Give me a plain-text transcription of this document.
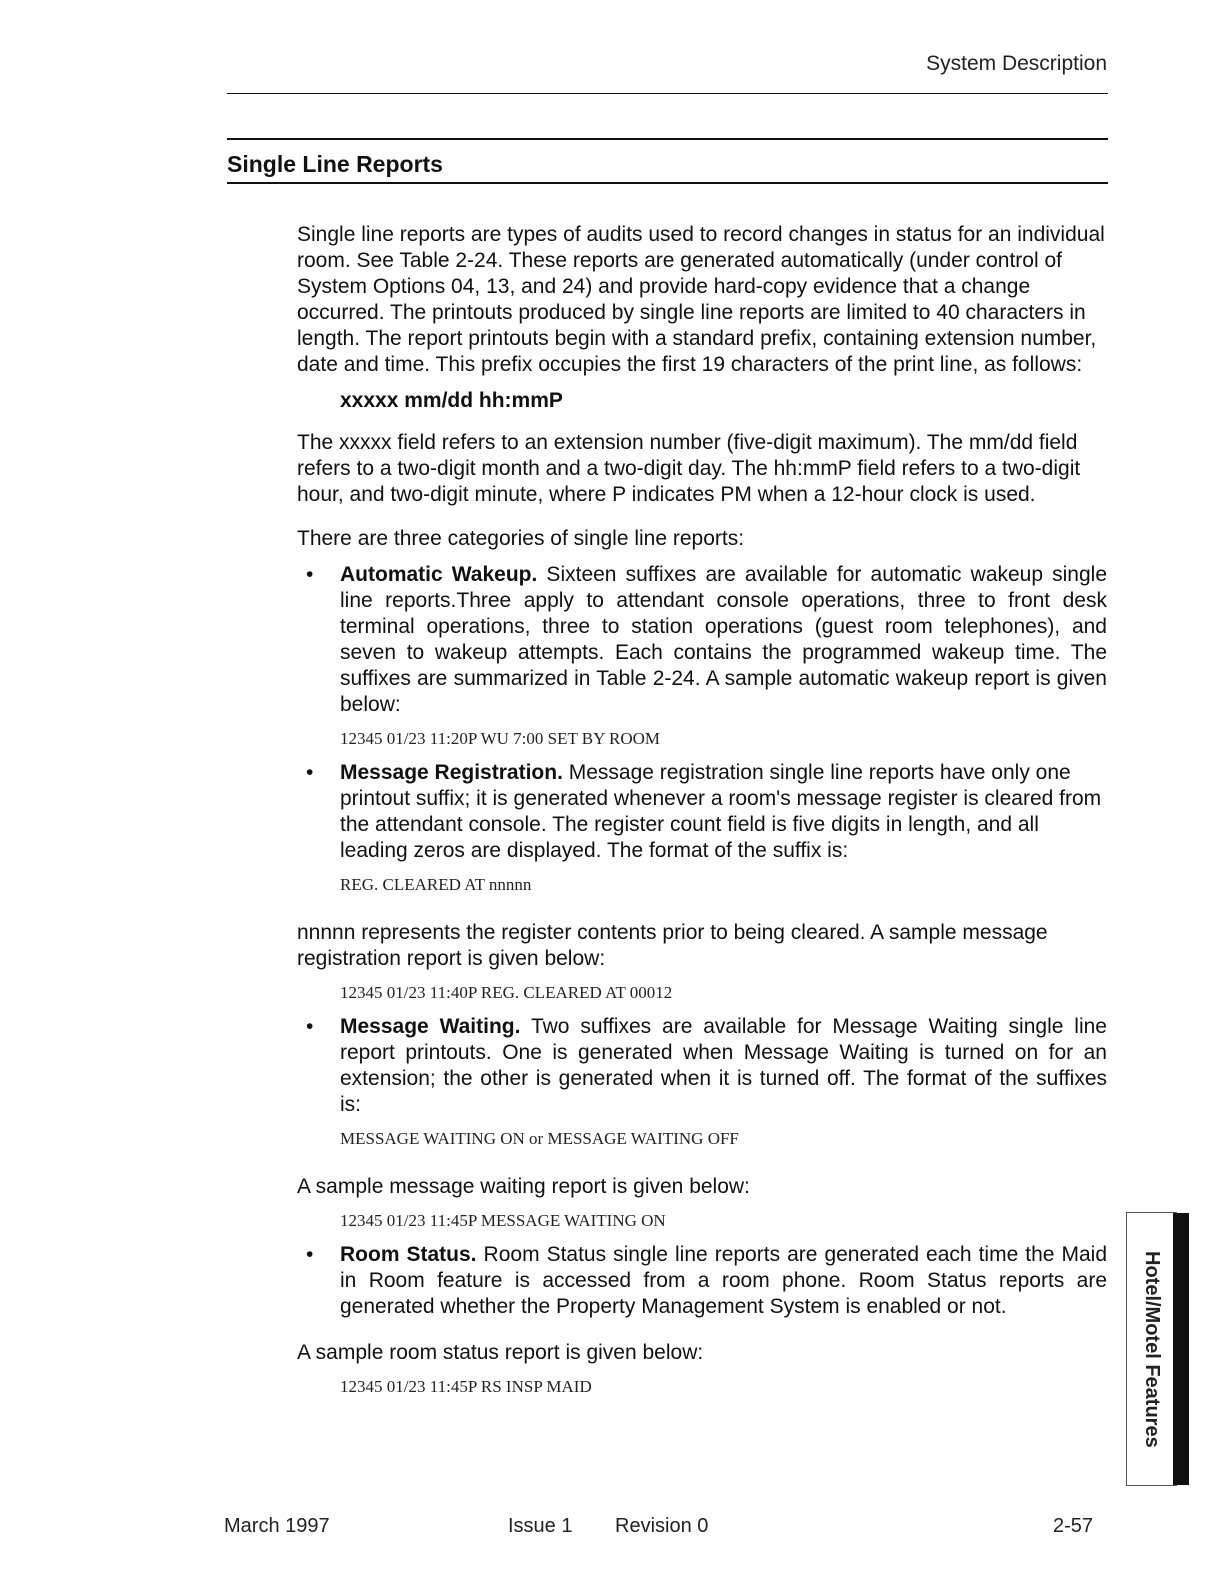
System Description
Single Line Reports

Single line reports are types of audits used to record changes in status for an individual room. See Table 2-24. These reports are generated automatically (under control of System Options 04, 13, and 24) and provide hard-copy evidence that a change occurred. The printouts produced by single line reports are limited to 40 characters in length. The report printouts begin with a standard prefix, containing extension number, date and time. This prefix occupies the first 19 characters of the print line, as follows:

xxxxx mm/dd hh:mmP

The xxxxx field refers to an extension number (five-digit maximum). The mm/dd field refers to a two-digit month and a two-digit day. The hh:mmP field refers to a two-digit hour, and two-digit minute, where P indicates PM when a 12-hour clock is used.

There are three categories of single line reports:

• Automatic Wakeup. Sixteen suffixes are available for automatic wakeup single line reports.Three apply to attendant console operations, three to front desk terminal operations, three to station operations (guest room telephones), and seven to wakeup attempts. Each contains the programmed wakeup time. The suffixes are summarized in Table 2-24. A sample automatic wakeup report is given below:

12345 01/23 11:20P WU 7:00 SET BY ROOM

• Message Registration. Message registration single line reports have only one printout suffix; it is generated whenever a room's message register is cleared from the attendant console. The register count field is five digits in length, and all leading zeros are displayed. The format of the suffix is:

REG. CLEARED AT nnnnn

nnnnn represents the register contents prior to being cleared. A sample message registration report is given below:

12345 01/23 11:40P REG. CLEARED AT 00012

• Message Waiting. Two suffixes are available for Message Waiting single line report printouts. One is generated when Message Waiting is turned on for an extension; the other is generated when it is turned off. The format of the suffixes is:

MESSAGE WAITING ON or MESSAGE WAITING OFF

A sample message waiting report is given below:

12345 01/23 11:45P MESSAGE WAITING ON

• Room Status. Room Status single line reports are generated each time the Maid in Room feature is accessed from a room phone. Room Status reports are generated whether the Property Management System is enabled or not.

A sample room status report is given below:

12345 01/23 11:45P RS INSP MAID

March 1997	Issue 1 Revision 0	2-57
Hotel/Motel Features
